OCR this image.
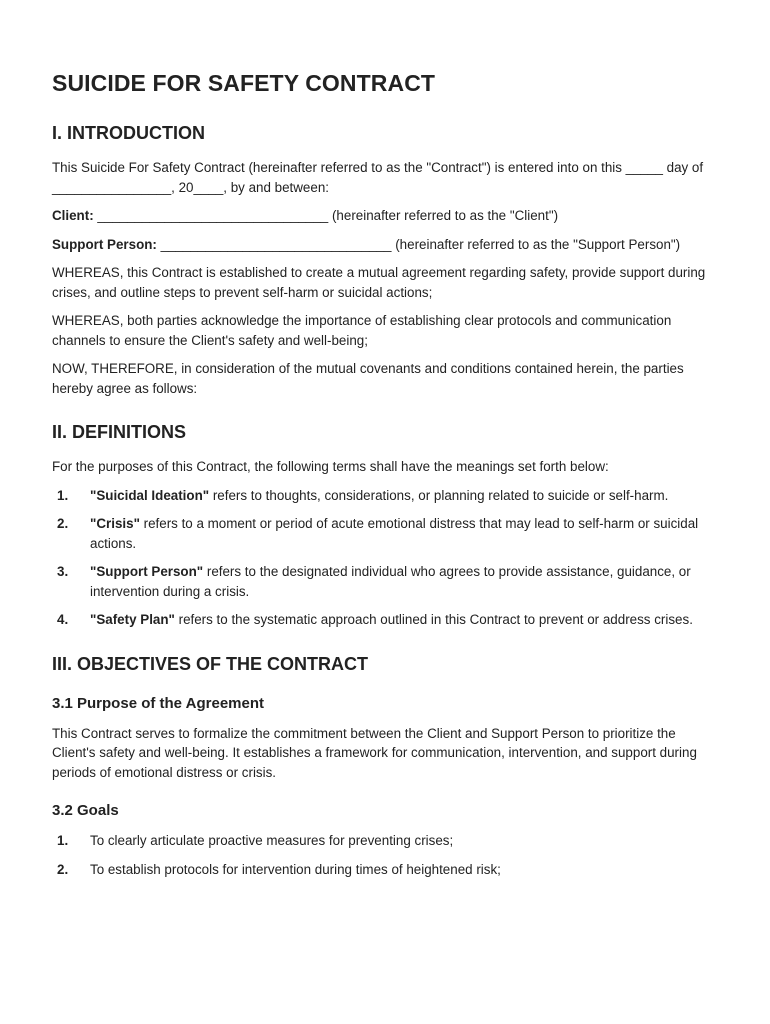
SUICIDE FOR SAFETY CONTRACT
I. INTRODUCTION

This Suicide For Safety Contract (hereinafter referred to as the "Contract") is entered into on this _____ day of ________________, 20____, by and between:

Client: _______________________________ (hereinafter referred to as the "Client")

Support Person: _______________________________ (hereinafter referred to as the "Support Person")

WHEREAS, this Contract is established to create a mutual agreement regarding safety, provide support during crises, and outline steps to prevent self-harm or suicidal actions;

WHEREAS, both parties acknowledge the importance of establishing clear protocols and communication channels to ensure the Client's safety and well-being;

NOW, THEREFORE, in consideration of the mutual covenants and conditions contained herein, the parties hereby agree as follows:

II. DEFINITIONS

For the purposes of this Contract, the following terms shall have the meanings set forth below:

1. "Suicidal Ideation" refers to thoughts, considerations, or planning related to suicide or self-harm.
2. "Crisis" refers to a moment or period of acute emotional distress that may lead to self-harm or suicidal actions.
3. "Support Person" refers to the designated individual who agrees to provide assistance, guidance, or intervention during a crisis.
4. "Safety Plan" refers to the systematic approach outlined in this Contract to prevent or address crises.
III. OBJECTIVES OF THE CONTRACT
3.1 Purpose of the Agreement

This Contract serves to formalize the commitment between the Client and Support Person to prioritize the Client's safety and well-being. It establishes a framework for communication, intervention, and support during periods of emotional distress or crisis.

3.2 Goals
1. To clearly articulate proactive measures for preventing crises;
2. To establish protocols for intervention during times of heightened risk;
